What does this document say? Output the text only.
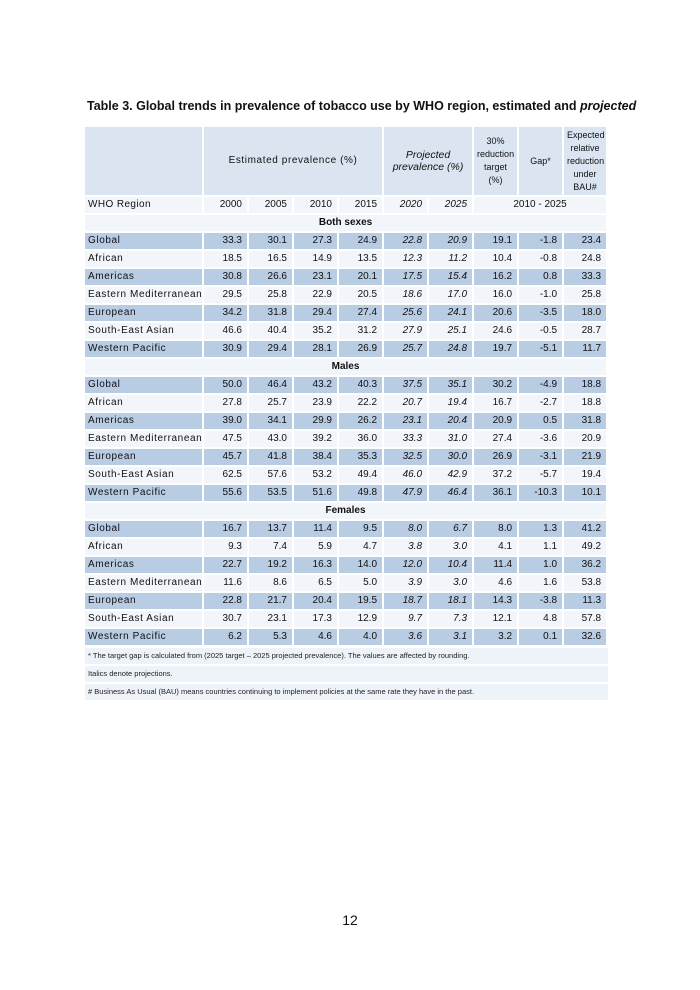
Table 3. Global trends in prevalence of tobacco use by WHO region, estimated and projected
	Estimated prevalence (%)				Projected prevalence (%)		30% reduction target (%)	Gap*	Expected relative reduction under BAU#
WHO Region	2000	2005	2010	2015	2020	2025	2010 - 2025		
Both sexes									
Global	33.3	30.1	27.3	24.9	22.8	20.9	19.1	-1.8	23.4
African	18.5	16.5	14.9	13.5	12.3	11.2	10.4	-0.8	24.8
Americas	30.8	26.6	23.1	20.1	17.5	15.4	16.2	0.8	33.3
Eastern Mediterranean	29.5	25.8	22.9	20.5	18.6	17.0	16.0	-1.0	25.8
European	34.2	31.8	29.4	27.4	25.6	24.1	20.6	-3.5	18.0
South-East Asian	46.6	40.4	35.2	31.2	27.9	25.1	24.6	-0.5	28.7
Western Pacific	30.9	29.4	28.1	26.9	25.7	24.8	19.7	-5.1	11.7
Males									
Global	50.0	46.4	43.2	40.3	37.5	35.1	30.2	-4.9	18.8
African	27.8	25.7	23.9	22.2	20.7	19.4	16.7	-2.7	18.8
Americas	39.0	34.1	29.9	26.2	23.1	20.4	20.9	0.5	31.8
Eastern Mediterranean	47.5	43.0	39.2	36.0	33.3	31.0	27.4	-3.6	20.9
European	45.7	41.8	38.4	35.3	32.5	30.0	26.9	-3.1	21.9
South-East Asian	62.5	57.6	53.2	49.4	46.0	42.9	37.2	-5.7	19.4
Western Pacific	55.6	53.5	51.6	49.8	47.9	46.4	36.1	-10.3	10.1
Females									
Global	16.7	13.7	11.4	9.5	8.0	6.7	8.0	1.3	41.2
African	9.3	7.4	5.9	4.7	3.8	3.0	4.1	1.1	49.2
Americas	22.7	19.2	16.3	14.0	12.0	10.4	11.4	1.0	36.2
Eastern Mediterranean	11.6	8.6	6.5	5.0	3.9	3.0	4.6	1.6	53.8
European	22.8	21.7	20.4	19.5	18.7	18.1	14.3	-3.8	11.3
South-East Asian	30.7	23.1	17.3	12.9	9.7	7.3	12.1	4.8	57.8
Western Pacific	6.2	5.3	4.6	4.0	3.6	3.1	3.2	0.1	32.6
* The target gap is calculated from (2025 target – 2025 projected prevalence). The values are affected by rounding.
Italics denote projections.
# Business As Usual (BAU) means countries continuing to implement policies at the same rate they have in the past.
12
